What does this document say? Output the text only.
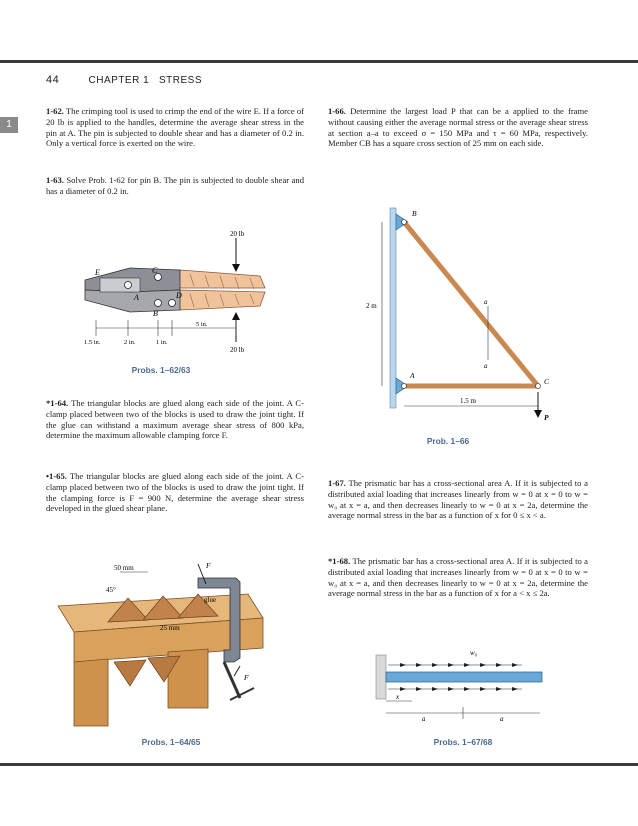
44	CHAPTER 1 STRESS
1
1-62. The crimping tool is used to crimp the end of the wire E. If a force of 20 lb is applied to the handles, determine the average shear stress in the pin at A. The pin is subjected to double shear and has a diameter of 0.2 in. Only a vertical force is exerted on the wire.
1-63. Solve Prob. 1-62 for pin B. The pin is subjected to double shear and has a diameter of 0.2 in.
E
A
B
C
D
20 lb
20 lb
5 in.
1.5 in.	2 in.	1 in.
Probs. 1–62/63
*1-64. The triangular blocks are glued along each side of the joint. A C-clamp placed between two of the blocks is used to draw the joint tight. If the glue can withstand a maximum average shear stress of 800 kPa, determine the maximum allowable clamping force F.
•1-65. The triangular blocks are glued along each side of the joint. A C-clamp placed between two of the blocks is used to draw the joint tight. If the clamping force is F = 900 N, determine the average shear stress developed in the glued shear plane.
50 mm	F
45°
glue
25 mm
F
Probs. 1–64/65
1-66. Determine the largest load P that can be a applied to the frame without causing either the average normal stress or the average shear stress at section a–a to exceed σ = 150 MPa and τ = 60 MPa, respectively. Member CB has a square cross section of 25 mm on each side.
a
a
B
A
C
P
2 m
1.5 m
Prob. 1–66
1-67. The prismatic bar has a cross-sectional area A. If it is subjected to a distributed axial loading that increases linearly from w = 0 at x = 0 to w = w₀ at x = a, and then decreases linearly to w = 0 at x = 2a, determine the average normal stress in the bar as a function of x for 0 ≤ x < a.
*1-68. The prismatic bar has a cross-sectional area A. If it is subjected to a distributed axial loading that increases linearly from w = 0 at x = 0 to w = w₀ at x = a, and then decreases linearly to w = 0 at x = 2a, determine the average normal stress in the bar as a function of x for a < x ≤ 2a.
w₀
x
a	a
Probs. 1–67/68
